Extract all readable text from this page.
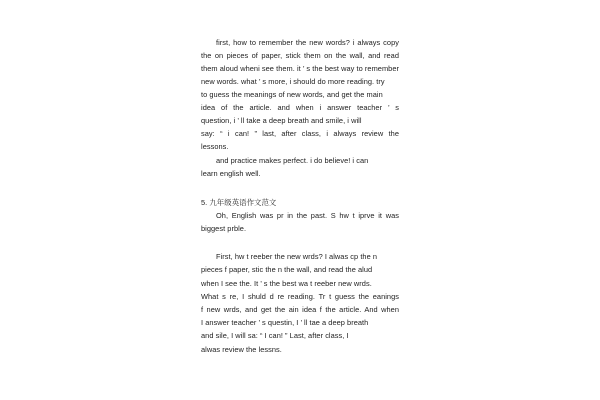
first, how to remember the new words? i always copy
the on pieces of paper, stick them on the wall, and read
them aloud wheni see them. it ’ s the best way to remember
new words. what ’ s more, i should do more reading. try
to guess the meanings of new words, and get the main
idea of the article. and when i answer teacher ’ s
question, i ’ ll take a deep breath and smile, i will
say: “ i can! ” last, after class, i always review the
lessons.
and practice makes perfect. i do believe! i can
learn english well.
5. 九年级英语作文范文
Oh, English was pr in the past. S hw t iprve it was
biggest prble.
First, hw t reeber the new wrds? I alwas cp the n
pieces f paper, stic the n the wall, and read the alud
when I see the. It ’ s the best wa t reeber new wrds.
What s re, I shuld d re reading. Tr t guess the eanings
f new wrds, and get the ain idea f the article. And when
I answer teacher ’ s questin, I ’ ll tae a deep breath
and sile, I will sa: “ I can! ” Last, after class, I
alwas review the lessns.
